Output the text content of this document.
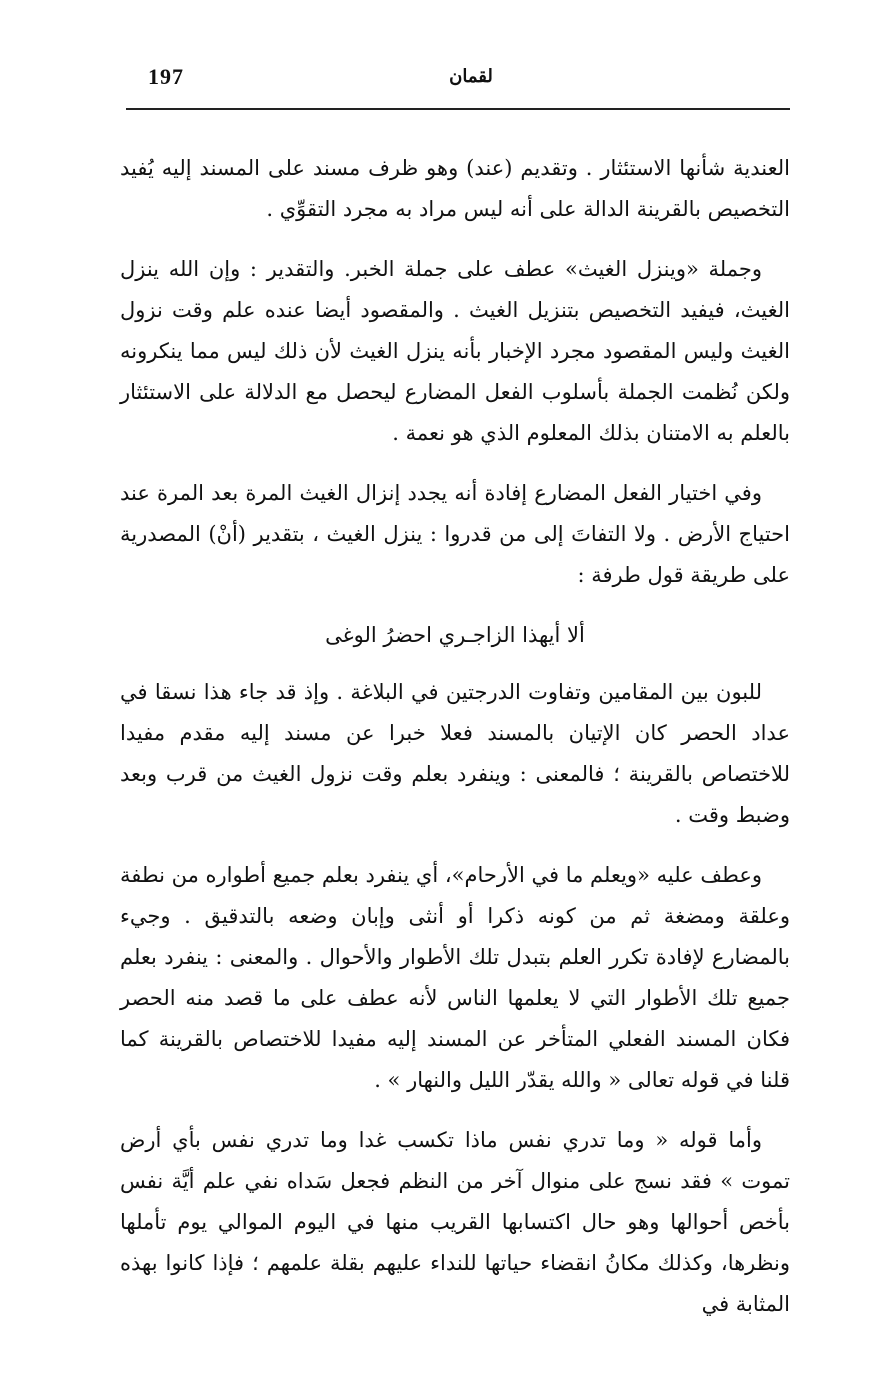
197	لقمان

العندية شأنها الاستئثار . وتقديم (عند) وهو ظرف مسند على المسند إليه يُفيد التخصيص بالقرينة الدالة على أنه ليس مراد به مجرد التقوِّي .

وجملة «وينزل الغيث» عطف على جملة الخبر. والتقدير : وإن الله ينزل الغيث، فيفيد التخصيص بتنزيل الغيث . والمقصود أيضا عنده علم وقت نزول الغيث وليس المقصود مجرد الإخبار بأنه ينزل الغيث لأن ذلك ليس مما ينكرونه ولكن نُظمت الجملة بأسلوب الفعل المضارع ليحصل مع الدلالة على الاستئثار بالعلم به الامتنان بذلك المعلوم الذي هو نعمة .

وفي اختيار الفعل المضارع إفادة أنه يجدد إنزال الغيث المرة بعد المرة عند احتياج الأرض . ولا التفاتَ إلى من قدروا : ينزل الغيث ، بتقدير (أنْ) المصدرية على طريقة قول طرفة :

ألا أيهذا الزاجـري احضرُ الوغى

للبون بين المقامين وتفاوت الدرجتين في البلاغة . وإذ قد جاء هذا نسقا في عداد الحصر كان الإتيان بالمسند فعلا خبرا عن مسند إليه مقدم مفيدا للاختصاص بالقرينة ؛ فالمعنى : وينفرد بعلم وقت نزول الغيث من قرب وبعد وضبط وقت .

وعطف عليه «ويعلم ما في الأرحام»، أي ينفرد بعلم جميع أطواره من نطفة وعلقة ومضغة ثم من كونه ذكرا أو أنثى وإبان وضعه بالتدقيق . وجيء بالمضارع لإفادة تكرر العلم بتبدل تلك الأطوار والأحوال . والمعنى : ينفرد بعلم جميع تلك الأطوار التي لا يعلمها الناس لأنه عطف على ما قصد منه الحصر فكان المسند الفعلي المتأخر عن المسند إليه مفيدا للاختصاص بالقرينة كما قلنا في قوله تعالى « والله يقدّر الليل والنهار » .

وأما قوله « وما تدري نفس ماذا تكسب غدا وما تدري نفس بأي أرض تموت » فقد نسج على منوال آخر من النظم فجعل سَداه نفي علم أيَّة نفس بأخص أحوالها وهو حال اكتسابها القريب منها في اليوم الموالي يوم تأملها ونظرها، وكذلك مكانُ انقضاء حياتها للنداء عليهم بقلة علمهم ؛ فإذا كانوا بهذه المثابة في
